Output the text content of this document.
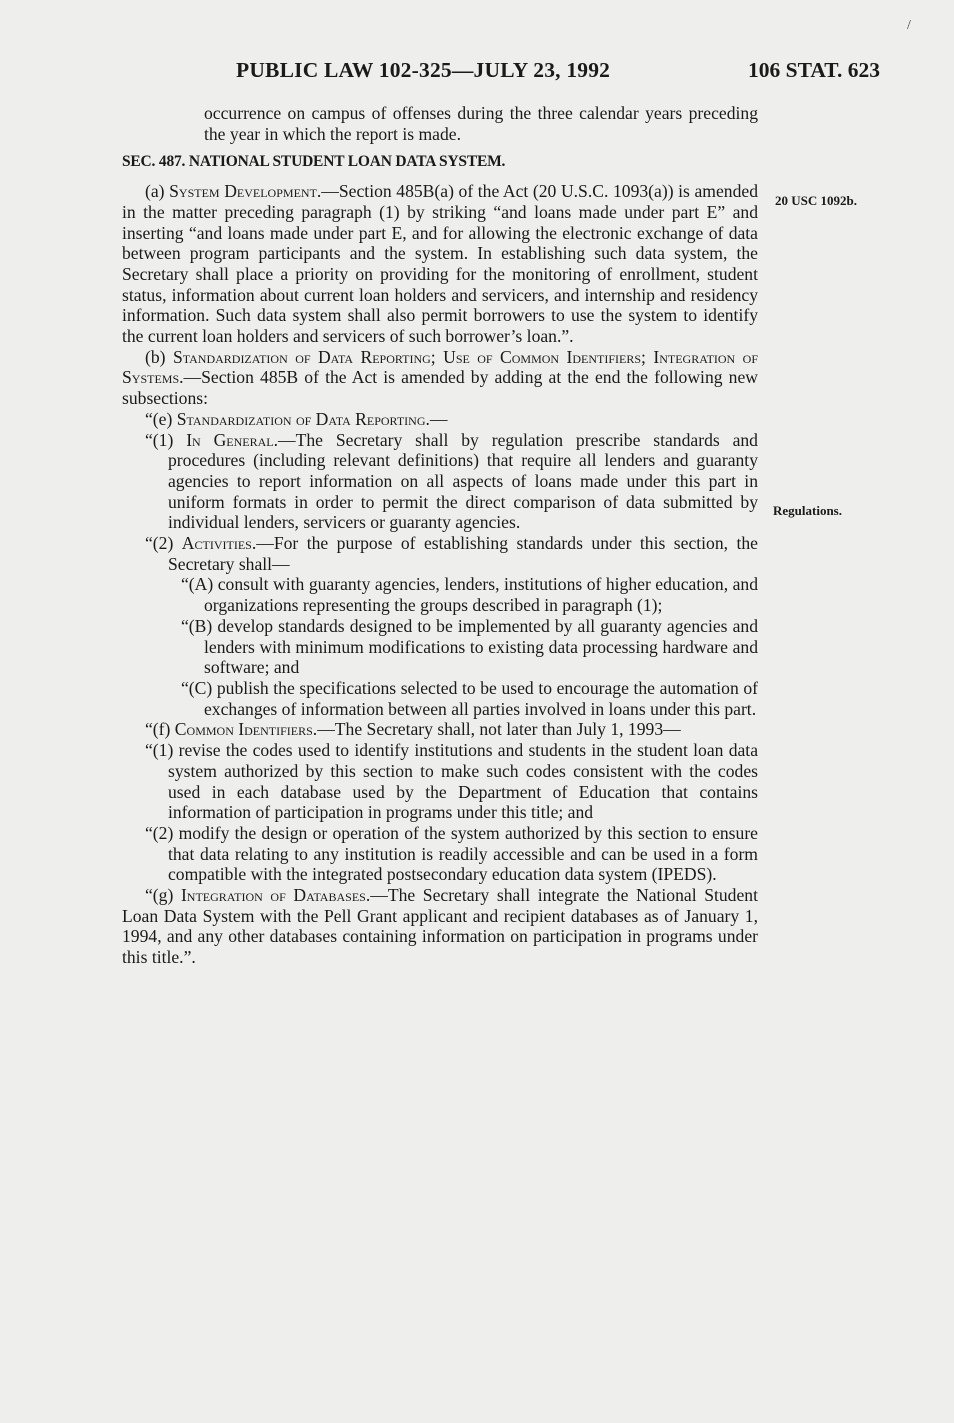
/
PUBLIC LAW 102-325—JULY 23, 1992	106 STAT. 623
20 USC 1092b.
Regulations.

occurrence on campus of offenses during the three calendar years preceding the year in which the report is made.

SEC. 487. NATIONAL STUDENT LOAN DATA SYSTEM.

(a) System Development.—Section 485B(a) of the Act (20 U.S.C. 1093(a)) is amended in the matter preceding paragraph (1) by striking “and loans made under part E” and inserting “and loans made under part E, and for allowing the electronic exchange of data between program participants and the system. In establishing such data system, the Secretary shall place a priority on providing for the monitoring of enrollment, student status, information about current loan holders and servicers, and internship and residency information. Such data system shall also permit borrowers to use the system to identify the current loan holders and servicers of such borrower’s loan.”.

(b) Standardization of Data Reporting; Use of Common Identifiers; Integration of Systems.—Section 485B of the Act is amended by adding at the end the following new subsections:

“(e) Standardization of Data Reporting.—

“(1) In General.—The Secretary shall by regulation prescribe standards and procedures (including relevant definitions) that require all lenders and guaranty agencies to report information on all aspects of loans made under this part in uniform formats in order to permit the direct comparison of data submitted by individual lenders, servicers or guaranty agencies.

“(2) Activities.—For the purpose of establishing standards under this section, the Secretary shall—

“(A) consult with guaranty agencies, lenders, institutions of higher education, and organizations representing the groups described in paragraph (1);

“(B) develop standards designed to be implemented by all guaranty agencies and lenders with minimum modifications to existing data processing hardware and software; and

“(C) publish the specifications selected to be used to encourage the automation of exchanges of information between all parties involved in loans under this part.

“(f) Common Identifiers.—The Secretary shall, not later than July 1, 1993—

“(1) revise the codes used to identify institutions and students in the student loan data system authorized by this section to make such codes consistent with the codes used in each database used by the Department of Education that contains information of participation in programs under this title; and

“(2) modify the design or operation of the system authorized by this section to ensure that data relating to any institution is readily accessible and can be used in a form compatible with the integrated postsecondary education data system (IPEDS).

“(g) Integration of Databases.—The Secretary shall integrate the National Student Loan Data System with the Pell Grant applicant and recipient databases as of January 1, 1994, and any other databases containing information on participation in programs under this title.”.
